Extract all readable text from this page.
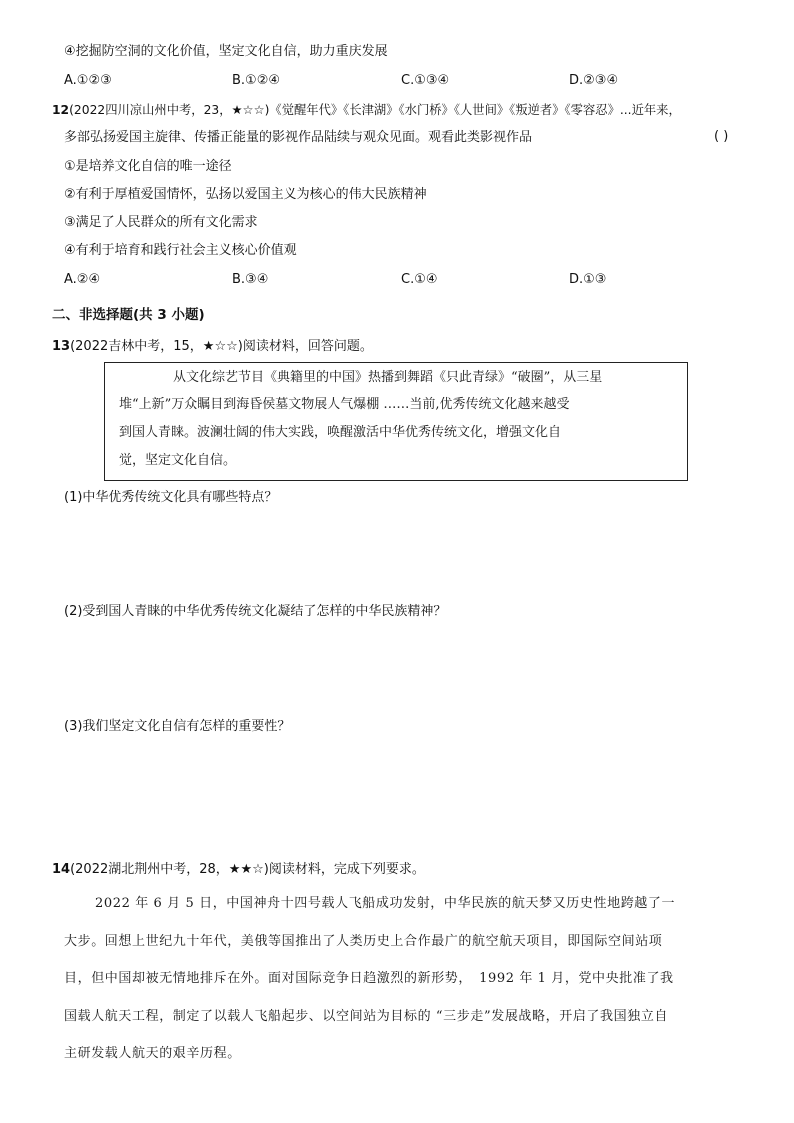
④挖掘防空洞的文化价值，坚定文化自信，助力重庆发展
A.①②③	B.①②④	C.①③④	D.②③④
12(2022四川凉山州中考，23，★☆☆)《觉醒年代》《长津湖》《水门桥》《人世间》《叛逆者》《零容忍》...近年来，
多部弘扬爱国主旋律、传播正能量的影视作品陆续与观众见面。观看此类影视作品	( )
①是培养文化自信的唯一途径
②有利于厚植爱国情怀，弘扬以爱国主义为核心的伟大民族精神
③满足了人民群众的所有文化需求
④有利于培育和践行社会主义核心价值观
A.②④	B.③④	C.①④	D.①③
二、非选择题(共 3 小题)
13(2022吉林中考，15，★☆☆)阅读材料，回答问题。
从文化综艺节目《典籍里的中国》热播到舞蹈《只此青绿》“破圈”，从三星
堆“上新”万众瞩目到海昏侯墓文物展人气爆棚 ……当前,优秀传统文化越来越受
到国人青睐。波澜壮阔的伟大实践，唤醒激活中华优秀传统文化，增强文化自
觉，坚定文化自信。
(1)中华优秀传统文化具有哪些特点？
(2)受到国人青睐的中华优秀传统文化凝结了怎样的中华民族精神？
(3)我们坚定文化自信有怎样的重要性？
14(2022湖北荆州中考，28，★★☆)阅读材料，完成下列要求。
2022 年 6 月 5 日，中国神舟十四号载人飞船成功发射，中华民族的航天梦又历史性地跨越了一
大步。回想上世纪九十年代，美俄等国推出了人类历史上合作最广的航空航天项目，即国际空间站项
目，但中国却被无情地排斥在外。面对国际竞争日趋激烈的新形势，　1992 年 1 月，党中央批准了我
国载人航天工程，制定了以载人飞船起步、以空间站为目标的 “三步走”发展战略，开启了我国独立自
主研发载人航天的艰辛历程。
